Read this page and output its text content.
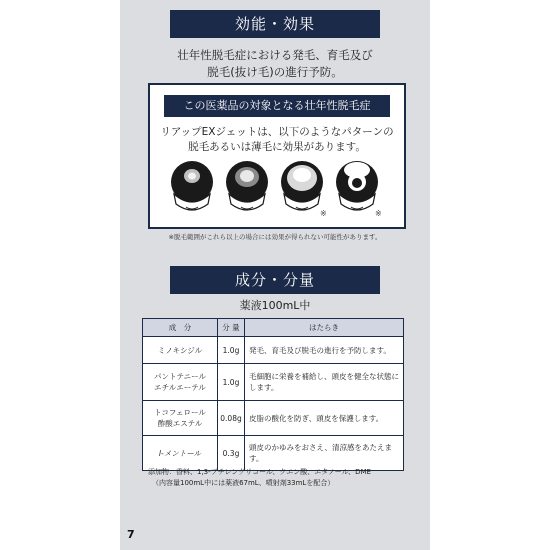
効能・効果
壮年性脱毛症における発毛、育毛及び
脱毛(抜け毛)の進行予防。
この医薬品の対象となる壮年性脱毛症
リアップEXジェットは、以下のようなパターンの
脱毛あるいは薄毛に効果があります。
※	※
※脱毛範囲がこれら以上の場合には効果が得られない可能性があります。
成分・分量
薬液100mL中
成　分	分 量	はたらき

ミノキシジル	1.0g	発毛、育毛及び脱毛の進行を予防します。

パントテニール
エチルエーテル	1.0g	毛細胞に栄養を補給し、頭皮を健全な状態にします。

トコフェロール
酢酸エステル	0.08g	皮脂の酸化を防ぎ、頭皮を保護します。

l-メントール	0.3g	頭皮のかゆみをおさえ、清涼感をあたえます。
添加物：香料、1,3-ブチレングリコール、クエン酸、エタノール、DME
（内容量100mL中には薬液67mL、噴射剤33mLを配合）
7
